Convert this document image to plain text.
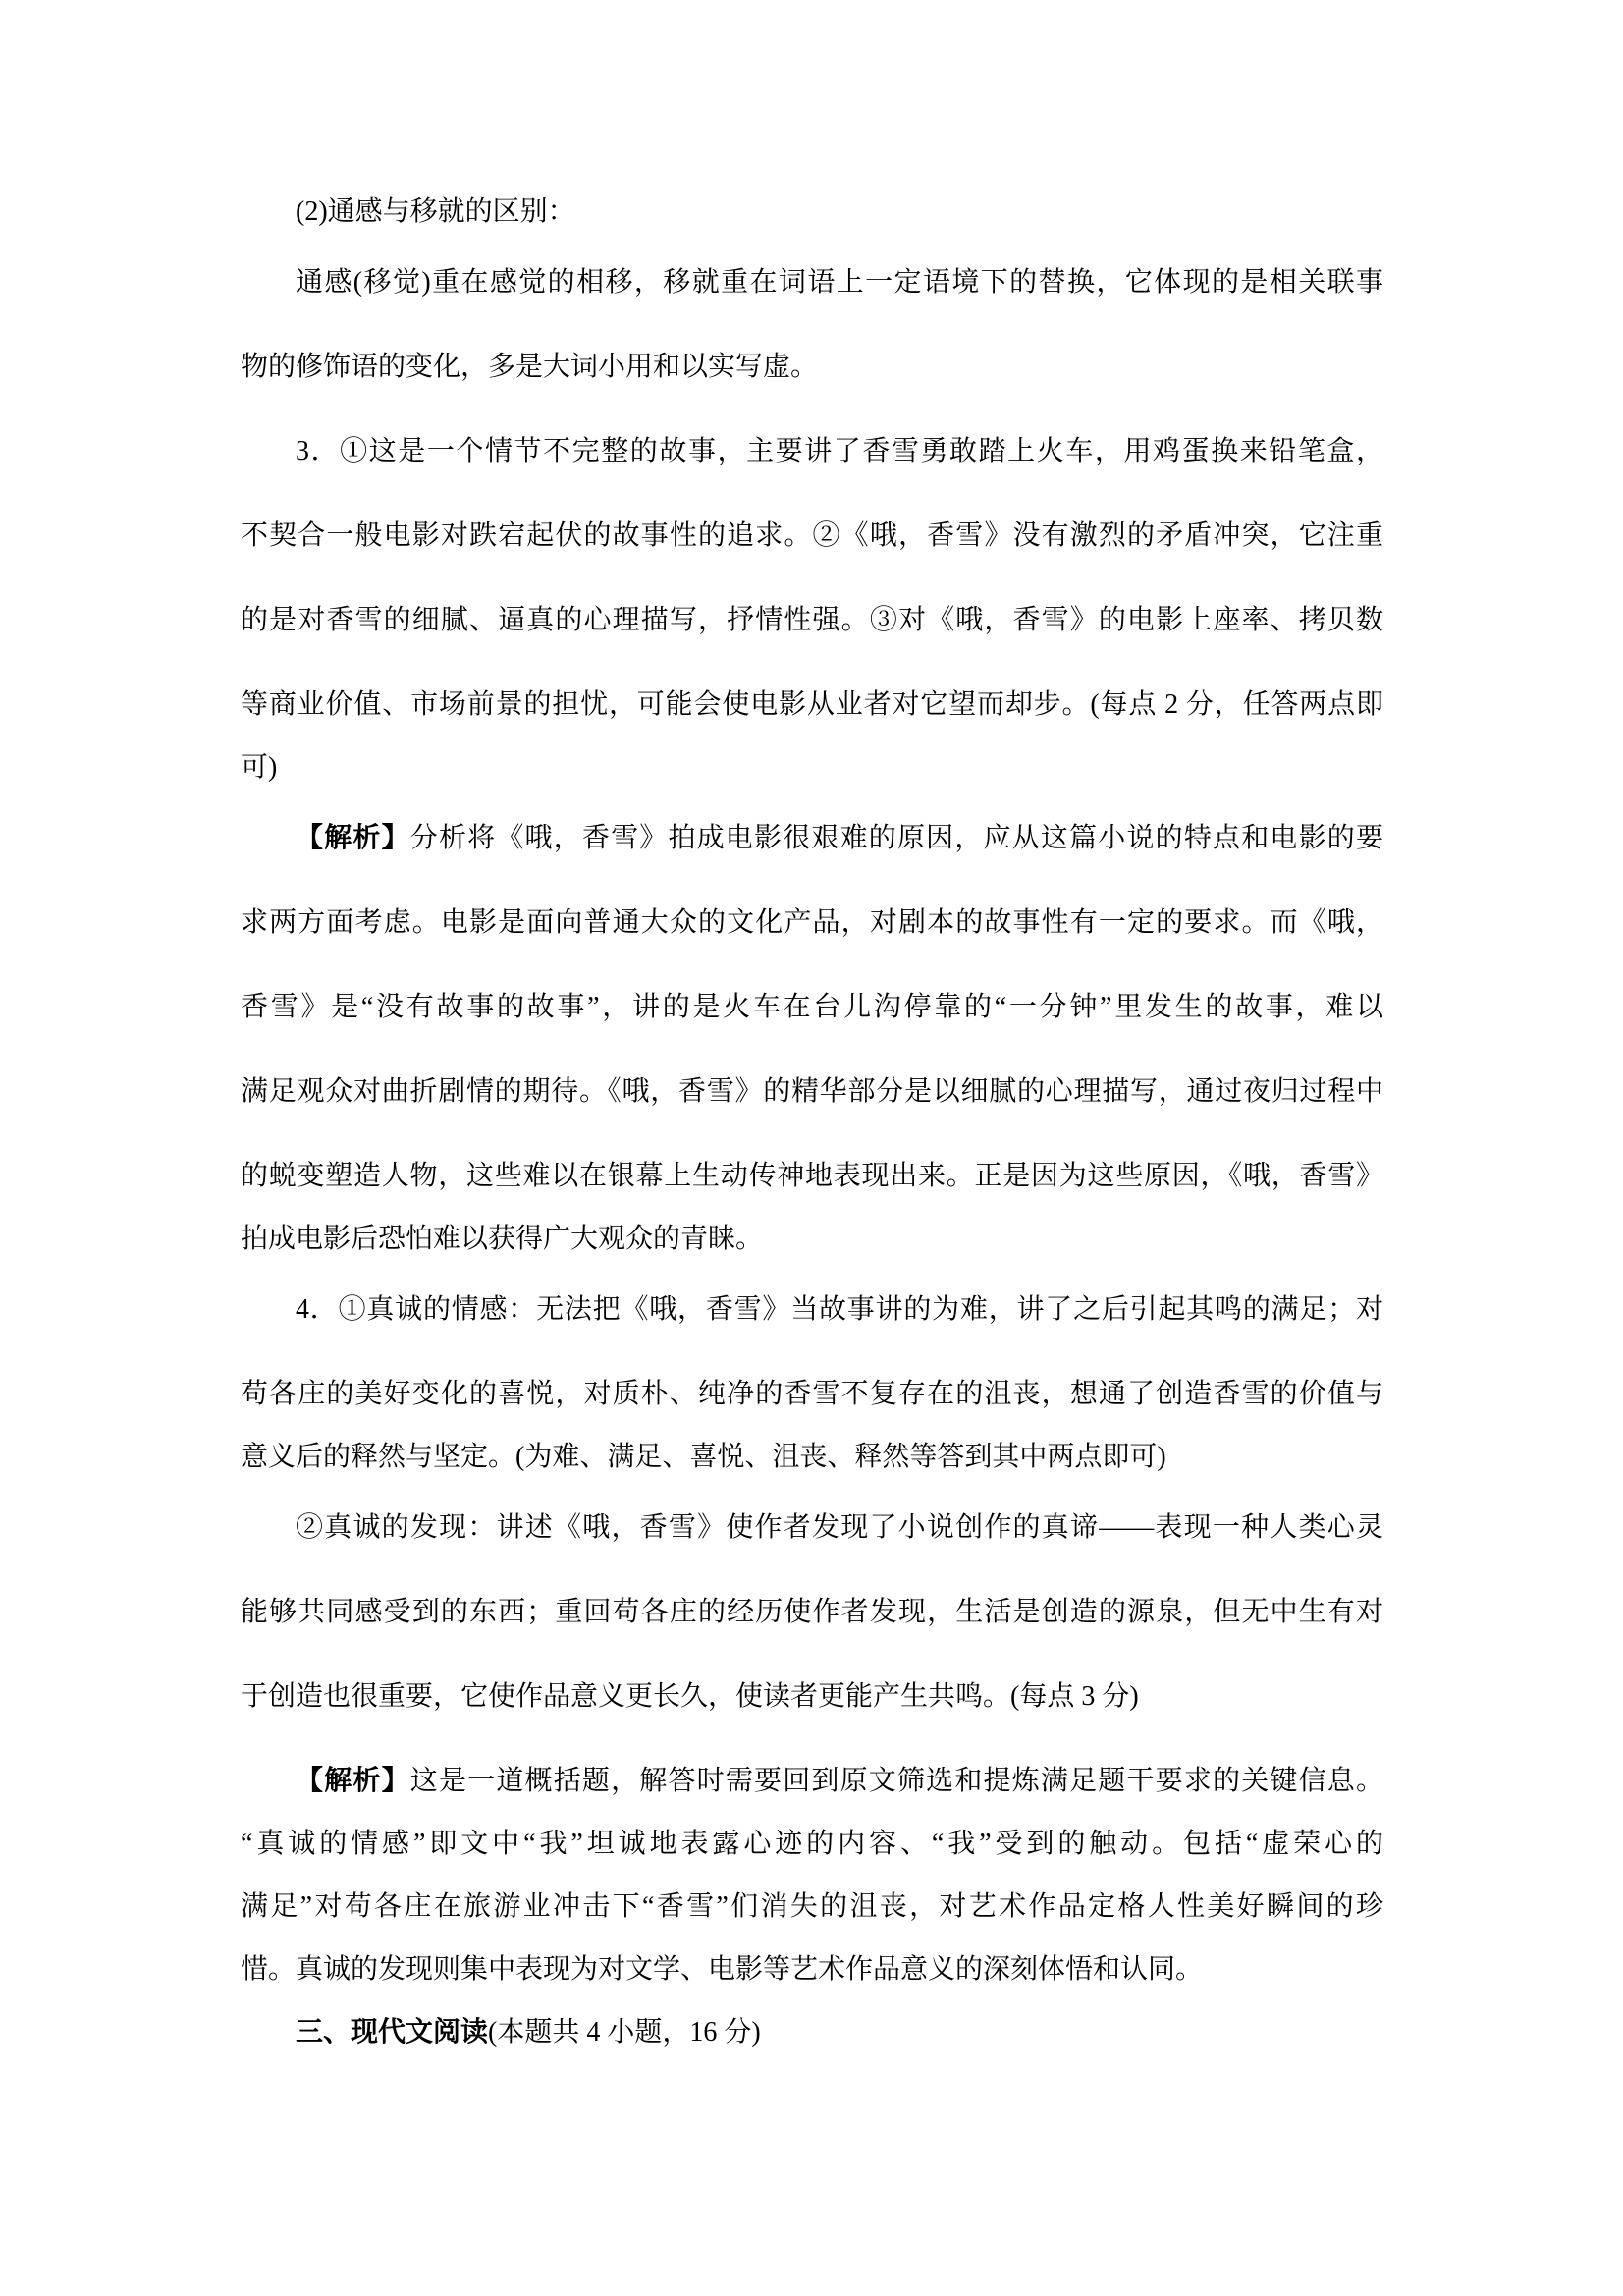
(2)通感与移就的区别：
通感(移觉)重在感觉的相移，移就重在词语上一定语境下的替换，它体现的是相关联事
物的修饰语的变化，多是大词小用和以实写虚。
3．①这是一个情节不完整的故事，主要讲了香雪勇敢踏上火车，用鸡蛋换来铅笔盒，
不契合一般电影对跌宕起伏的故事性的追求。②《哦，香雪》没有激烈的矛盾冲突，它注重
的是对香雪的细腻、逼真的心理描写，抒情性强。③对《哦，香雪》的电影上座率、拷贝数
等商业价值、市场前景的担忧，可能会使电影从业者对它望而却步。(每点 2 分，任答两点即
可)
【解析】分析将《哦，香雪》拍成电影很艰难的原因，应从这篇小说的特点和电影的要
求两方面考虑。电影是面向普通大众的文化产品，对剧本的故事性有一定的要求。而《哦，
香雪》是“没有故事的故事”，讲的是火车在台儿沟停靠的“一分钟”里发生的故事，难以
满足观众对曲折剧情的期待。《哦，香雪》的精华部分是以细腻的心理描写，通过夜归过程中
的蜕变塑造人物，这些难以在银幕上生动传神地表现出来。正是因为这些原因，《哦，香雪》
拍成电影后恐怕难以获得广大观众的青睐。
4．①真诚的情感：无法把《哦，香雪》当故事讲的为难，讲了之后引起其鸣的满足；对
苟各庄的美好变化的喜悦，对质朴、纯净的香雪不复存在的沮丧，想通了创造香雪的价值与
意义后的释然与坚定。(为难、满足、喜悦、沮丧、释然等答到其中两点即可)
②真诚的发现：讲述《哦，香雪》使作者发现了小说创作的真谛——表现一种人类心灵
能够共同感受到的东西；重回苟各庄的经历使作者发现，生活是创造的源泉，但无中生有对
于创造也很重要，它使作品意义更长久，使读者更能产生共鸣。(每点 3 分)
【解析】这是一道概括题，解答时需要回到原文筛选和提炼满足题干要求的关键信息。
“真诚的情感”即文中“我”坦诚地表露心迹的内容、“我”受到的触动。包括“虚荣心的
满足”对苟各庄在旅游业冲击下“香雪”们消失的沮丧，对艺术作品定格人性美好瞬间的珍
惜。真诚的发现则集中表现为对文学、电影等艺术作品意义的深刻体悟和认同。
三、现代文阅读(本题共 4 小题，16 分)
